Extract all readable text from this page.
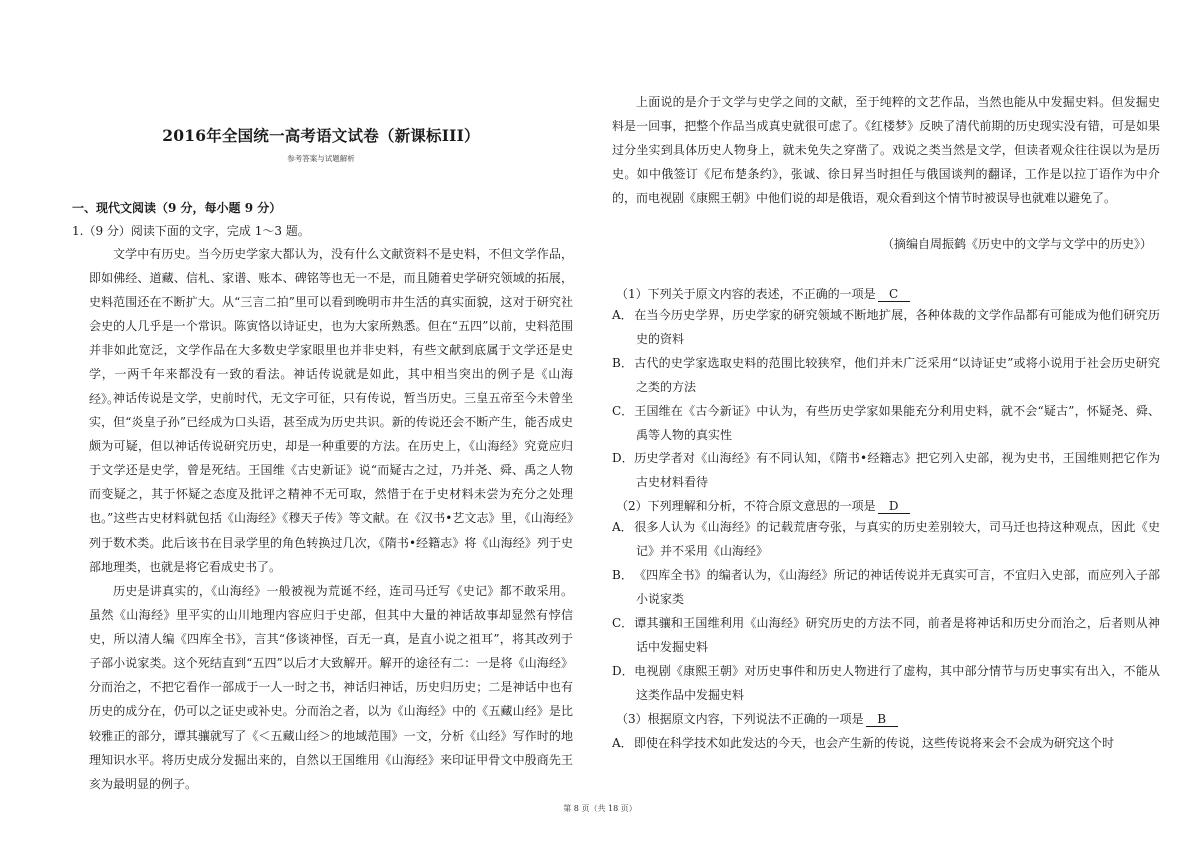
2016年全国统一高考语文试卷（新课标III）
参考答案与试题解析
一、现代文阅读（9 分，每小题 9 分）
1.（9 分）阅读下面的文字，完成 1～3 题。
文学中有历史。当今历史学家大都认为，没有什么文献资料不是史料，不但文学作品，即如佛经、道藏、信札、家谱、账本、碑铭等也无一不是，而且随着史学研究领域的拓展，史料范围还在不断扩大。从“三言二拍”里可以看到晚明市井生活的真实面貌，这对于研究社会史的人几乎是一个常识。陈寅恪以诗证史，也为大家所熟悉。但在“五四”以前，史料范围并非如此宽泛，文学作品在大多数史学家眼里也并非史料，有些文献到底属于文学还是史学，一两千年来都没有一致的看法。神话传说就是如此，其中相当突出的例子是《山海经》。
神话传说是文学，史前时代，无文字可征，只有传说，暂当历史。三皇五帝至今未曾坐实，但“炎皇子孙”已经成为口头语，甚至成为历史共识。新的传说还会不断产生，能否成史颇为可疑，但以神话传说研究历史，却是一种重要的方法。在历史上，《山海经》究竟应归于文学还是史学，曾是死结。王国维《古史新证》说“而疑古之过，乃并尧、舜、禹之人物而变疑之，其于怀疑之态度及批评之精神不无可取，然惜于在于史材料未尝为充分之处理也。”这些古史材料就包括《山海经》《穆天子传》等文献。在《汉书•艺文志》里，《山海经》列于数术类。此后该书在目录学里的角色转换过几次，《隋书•经籍志》将《山海经》列于史部地理类，也就是将它看成史书了。
历史是讲真实的，《山海经》一般被视为荒诞不经，连司马迁写《史记》都不敢采用。虽然《山海经》里平实的山川地理内容应归于史部，但其中大量的神话故事却显然有悖信史，所以清人编《四库全书》，言其“侈谈神怪，百无一真，是直小说之祖耳”，将其改列于子部小说家类。这个死结直到“五四”以后才大致解开。解开的途径有二：一是将《山海经》分而治之，不把它看作一部成于一人一时之书，神话归神话，历史归历史；二是神话中也有历史的成分在，仍可以之证史或补史。分而治之者，以为《山海经》中的《五藏山经》是比较雅正的部分，谭其骧就写了《＜五藏山经＞的地域范围》一文，分析《山经》写作时的地理知识水平。将历史成分发掘出来的，自然以王国维用《山海经》来印证甲骨文中殷商先王亥为最明显的例子。
上面说的是介于文学与史学之间的文献，至于纯粹的文艺作品，当然也能从中发掘史料。但发掘史料是一回事，把整个作品当成真史就很可虑了。《红楼梦》反映了清代前期的历史现实没有错，可是如果过分坐实到具体历史人物身上，就未免失之穿凿了。戏说之类当然是文学，但读者观众往往误以为是历史。如中俄签订《尼布楚条约》，张诚、徐日昇当时担任与俄国谈判的翻译，工作是以拉丁语作为中介的，而电视剧《康熙王朝》中他们说的却是俄语，观众看到这个情节时被误导也就难以避免了。
（摘编自周振鹤《历史中的文学与文学中的历史》）
（1）下列关于原文内容的表述，不正确的一项是 C
A．在当今历史学界，历史学家的研究领域不断地扩展，各种体裁的文学作品都有可能成为他们研究历史的资料
B．古代的史学家选取史料的范围比较狭窄，他们并未广泛采用“以诗证史”或将小说用于社会历史研究之类的方法
C．王国维在《古今新证》中认为，有些历史学家如果能充分利用史料，就不会“疑古”，怀疑尧、舜、禹等人物的真实性
D．历史学者对《山海经》有不同认知，《隋书•经籍志》把它列入史部，视为史书，王国维则把它作为古史材料看待
（2）下列理解和分析，不符合原文意思的一项是 D
A．很多人认为《山海经》的记载荒唐夸张，与真实的历史差别较大，司马迁也持这种观点，因此《史记》并不采用《山海经》
B．《四库全书》的编者认为，《山海经》所记的神话传说并无真实可言，不宜归入史部，而应列入子部小说家类
C．谭其骧和王国维利用《山海经》研究历史的方法不同，前者是将神话和历史分而治之，后者则从神话中发掘史料
D．电视剧《康熙王朝》对历史事件和历史人物进行了虚构，其中部分情节与历史事实有出入，不能从这类作品中发掘史料
（3）根据原文内容，下列说法不正确的一项是 B
A．即使在科学技术如此发达的今天，也会产生新的传说，这些传说将来会不会成为研究这个时
第 8 页（共 18 页）
